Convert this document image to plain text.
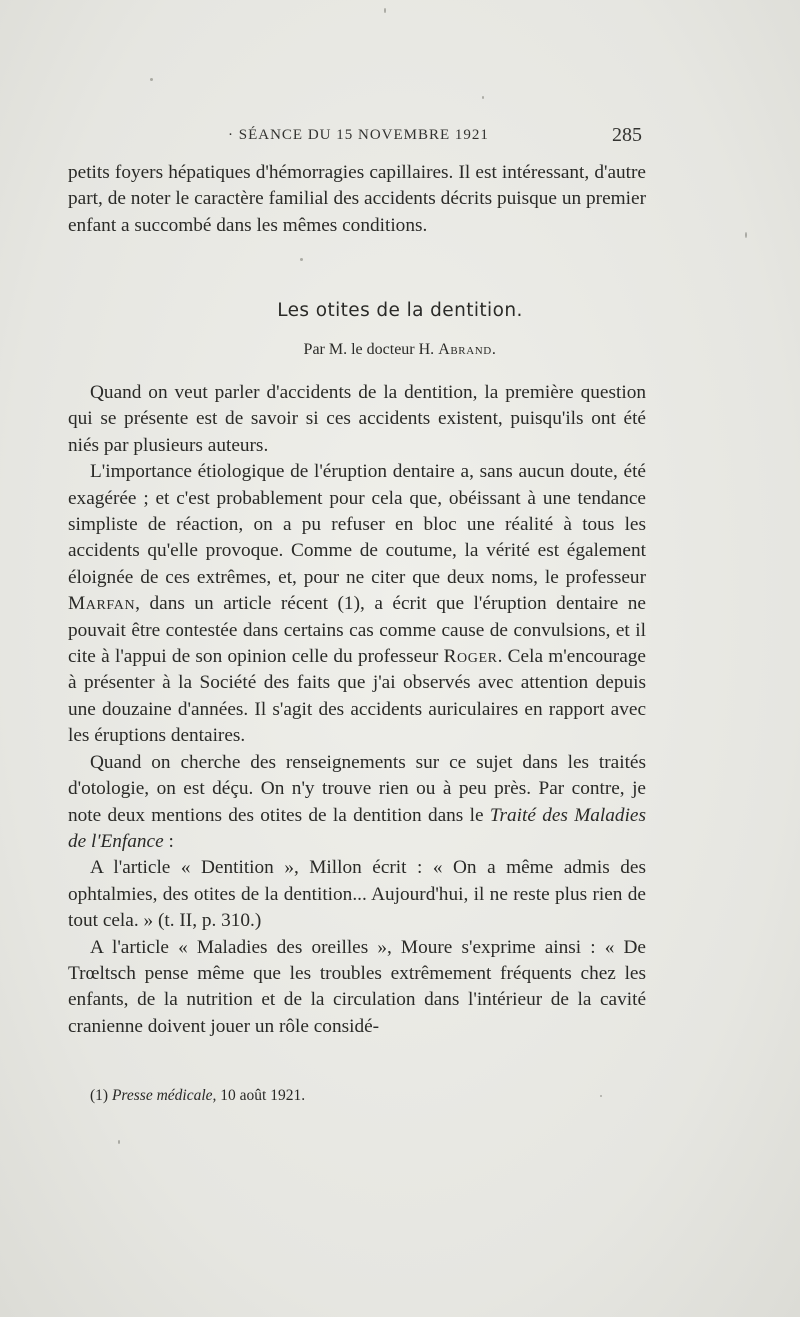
· SÉANCE DU 15 NOVEMBRE 1921	285

petits foyers hépatiques d'hémorragies capillaires. Il est intéressant, d'autre part, de noter le caractère familial des accidents décrits puisque un premier enfant a succombé dans les mêmes conditions.

Les otites de la dentition.
Par M. le docteur H. Abrand.

Quand on veut parler d'accidents de la dentition, la première question qui se présente est de savoir si ces accidents existent, puisqu'ils ont été niés par plusieurs auteurs.

L'importance étiologique de l'éruption dentaire a, sans aucun doute, été exagérée ; et c'est probablement pour cela que, obéissant à une tendance simpliste de réaction, on a pu refuser en bloc une réalité à tous les accidents qu'elle provoque. Comme de coutume, la vérité est également éloignée de ces extrêmes, et, pour ne citer que deux noms, le professeur Marfan, dans un article récent (1), a écrit que l'éruption dentaire ne pouvait être contestée dans certains cas comme cause de convulsions, et il cite à l'appui de son opinion celle du professeur Roger. Cela m'encourage à présenter à la Société des faits que j'ai observés avec attention depuis une douzaine d'années. Il s'agit des accidents auriculaires en rapport avec les éruptions dentaires.

Quand on cherche des renseignements sur ce sujet dans les traités d'otologie, on est déçu. On n'y trouve rien ou à peu près. Par contre, je note deux mentions des otites de la dentition dans le Traité des Maladies de l'Enfance :

A l'article « Dentition », Millon écrit : « On a même admis des ophtalmies, des otites de la dentition... Aujourd'hui, il ne reste plus rien de tout cela. » (t. II, p. 310.)

A l'article « Maladies des oreilles », Moure s'exprime ainsi : « De Trœltsch pense même que les troubles extrêmement fréquents chez les enfants, de la nutrition et de la circulation dans l'intérieur de la cavité cranienne doivent jouer un rôle considé-

(1) Presse médicale, 10 août 1921.
